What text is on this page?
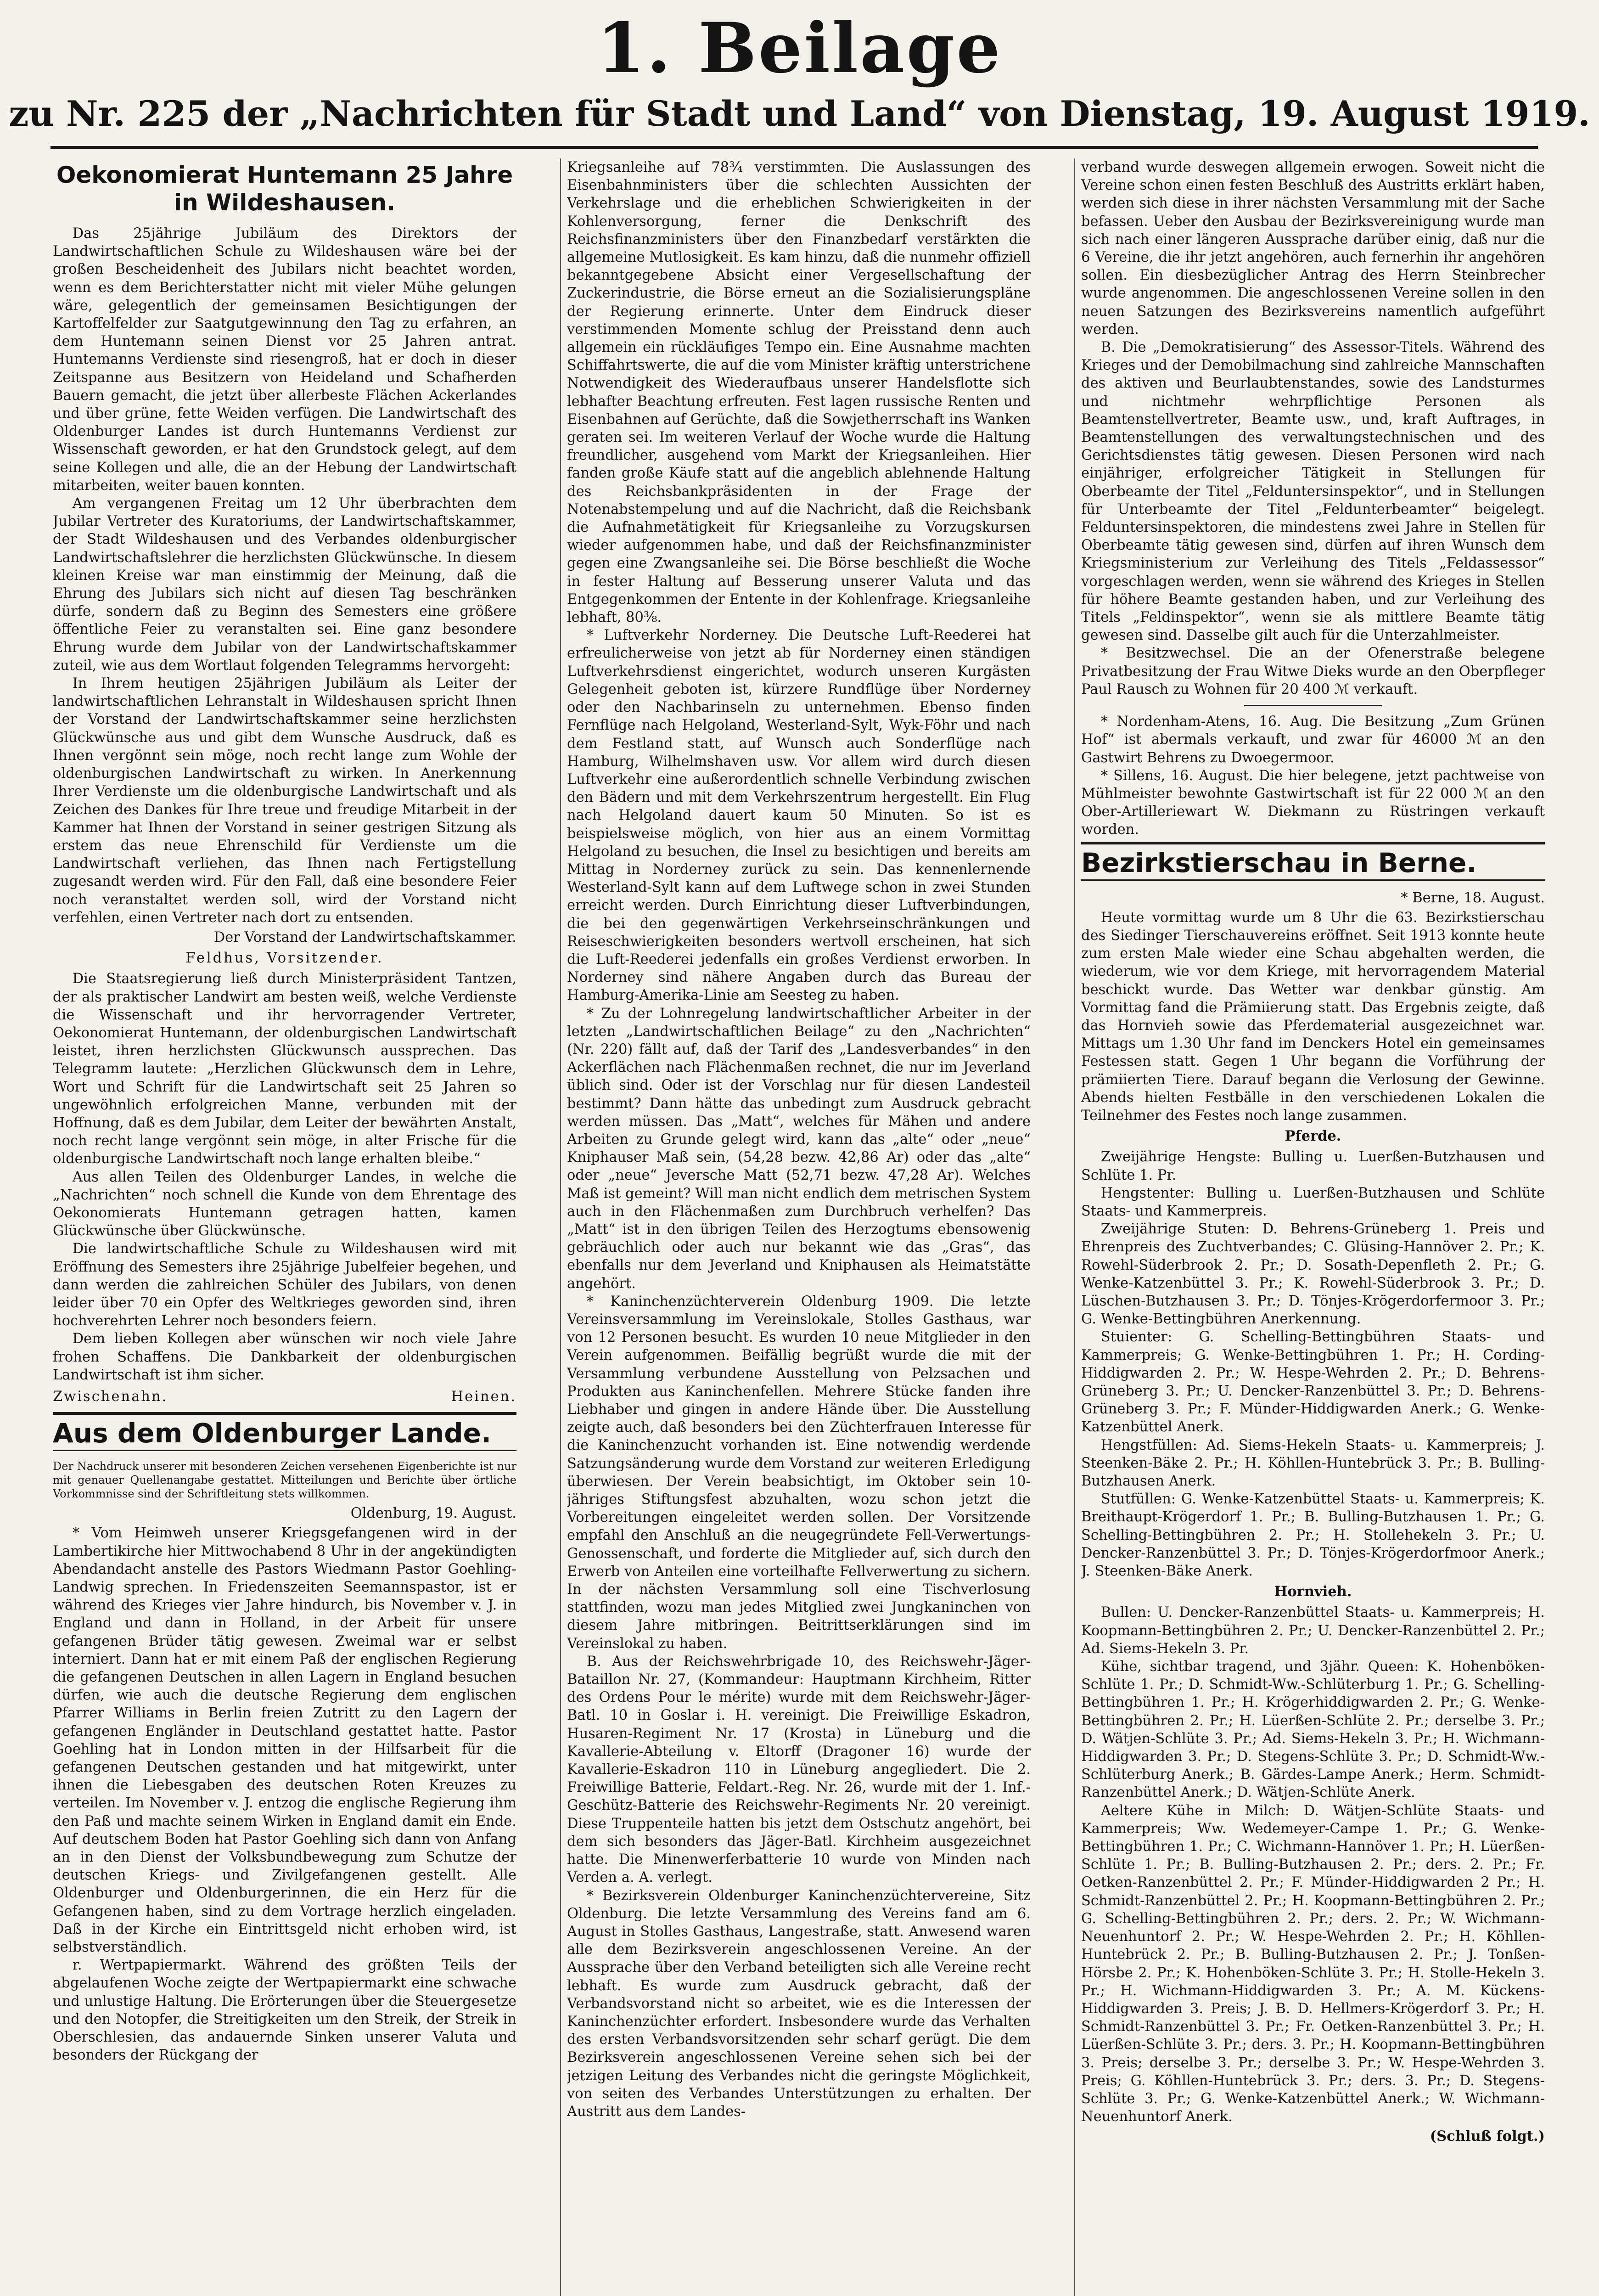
1. Beilage
zu Nr. 225 der „Nachrichten für Stadt und Land“ von Dienstag, 19. August 1919.
Oekonomierat Huntemann 25 Jahre in Wildeshausen.

Das 25jährige Jubiläum des Direktors der Landwirtschaftlichen Schule zu Wildeshausen wäre bei der großen Bescheidenheit des Jubilars nicht beachtet worden, wenn es dem Berichterstatter nicht mit vieler Mühe gelungen wäre, gelegentlich der gemeinsamen Besichtigungen der Kartoffelfelder zur Saatgutgewinnung den Tag zu erfahren, an dem Huntemann seinen Dienst vor 25 Jahren antrat. Huntemanns Verdienste sind riesengroß, hat er doch in dieser Zeitspanne aus Besitzern von Heideland und Schafherden Bauern gemacht, die jetzt über allerbeste Flächen Ackerlandes und über grüne, fette Weiden verfügen. Die Landwirtschaft des Oldenburger Landes ist durch Huntemanns Verdienst zur Wissenschaft geworden, er hat den Grundstock gelegt, auf dem seine Kollegen und alle, die an der Hebung der Landwirtschaft mitarbeiten, weiter bauen konnten.

Am vergangenen Freitag um 12 Uhr überbrachten dem Jubilar Vertreter des Kuratoriums, der Landwirtschaftskammer, der Stadt Wildeshausen und des Verbandes oldenburgischer Landwirtschaftslehrer die herzlichsten Glückwünsche. In diesem kleinen Kreise war man einstimmig der Meinung, daß die Ehrung des Jubilars sich nicht auf diesen Tag beschränken dürfe, sondern daß zu Beginn des Semesters eine größere öffentliche Feier zu veranstalten sei. Eine ganz besondere Ehrung wurde dem Jubilar von der Landwirtschaftskammer zuteil, wie aus dem Wortlaut folgenden Telegramms hervorgeht:

In Ihrem heutigen 25jährigen Jubiläum als Leiter der landwirtschaftlichen Lehranstalt in Wildeshausen spricht Ihnen der Vorstand der Landwirtschaftskammer seine herzlichsten Glückwünsche aus und gibt dem Wunsche Ausdruck, daß es Ihnen vergönnt sein möge, noch recht lange zum Wohle der oldenburgischen Landwirtschaft zu wirken. In Anerkennung Ihrer Verdienste um die oldenburgische Landwirtschaft und als Zeichen des Dankes für Ihre treue und freudige Mitarbeit in der Kammer hat Ihnen der Vorstand in seiner gestrigen Sitzung als erstem das neue Ehrenschild für Verdienste um die Landwirtschaft verliehen, das Ihnen nach Fertigstellung zugesandt werden wird. Für den Fall, daß eine besondere Feier noch veranstaltet werden soll, wird der Vorstand nicht verfehlen, einen Vertreter nach dort zu entsenden.

Der Vorstand der Landwirtschaftskammer.
Feldhus, Vorsitzender.

Die Staatsregierung ließ durch Ministerpräsident Tantzen, der als praktischer Landwirt am besten weiß, welche Verdienste die Wissenschaft und ihr hervorragender Vertreter, Oekonomierat Huntemann, der oldenburgischen Landwirtschaft leistet, ihren herzlichsten Glückwunsch aussprechen. Das Telegramm lautete: „Herzlichen Glückwunsch dem in Lehre, Wort und Schrift für die Landwirtschaft seit 25 Jahren so ungewöhnlich erfolgreichen Manne, verbunden mit der Hoffnung, daß es dem Jubilar, dem Leiter der bewährten Anstalt, noch recht lange vergönnt sein möge, in alter Frische für die oldenburgische Landwirtschaft noch lange erhalten bleibe.“

Aus allen Teilen des Oldenburger Landes, in welche die „Nachrichten“ noch schnell die Kunde von dem Ehrentage des Oekonomierats Huntemann getragen hatten, kamen Glückwünsche über Glückwünsche.

Die landwirtschaftliche Schule zu Wildeshausen wird mit Eröffnung des Semesters ihre 25jährige Jubelfeier begehen, und dann werden die zahlreichen Schüler des Jubilars, von denen leider über 70 ein Opfer des Weltkrieges geworden sind, ihren hochverehrten Lehrer noch besonders feiern.

Dem lieben Kollegen aber wünschen wir noch viele Jahre frohen Schaffens. Die Dankbarkeit der oldenburgischen Landwirtschaft ist ihm sicher.

Zwischenahn.	Heinen.
Aus dem Oldenburger Lande.
Der Nachdruck unserer mit besonderen Zeichen versehenen Eigenberichte ist nur mit genauer Quellenangabe gestattet. Mitteilungen und Berichte über örtliche Vorkommnisse sind der Schriftleitung stets willkommen.
Oldenburg, 19. August.

* Vom Heimweh unserer Kriegsgefangenen wird in der Lambertikirche hier Mittwochabend 8 Uhr in der angekündigten Abendandacht anstelle des Pastors Wiedmann Pastor Goehling-Landwig sprechen. In Friedenszeiten Seemannspastor, ist er während des Krieges vier Jahre hindurch, bis November v. J. in England und dann in Holland, in der Arbeit für unsere gefangenen Brüder tätig gewesen. Zweimal war er selbst interniert. Dann hat er mit einem Paß der englischen Regierung die gefangenen Deutschen in allen Lagern in England besuchen dürfen, wie auch die deutsche Regierung dem englischen Pfarrer Williams in Berlin freien Zutritt zu den Lagern der gefangenen Engländer in Deutschland gestattet hatte. Pastor Goehling hat in London mitten in der Hilfsarbeit für die gefangenen Deutschen gestanden und hat mitgewirkt, unter ihnen die Liebesgaben des deutschen Roten Kreuzes zu verteilen. Im November v. J. entzog die englische Regierung ihm den Paß und machte seinem Wirken in England damit ein Ende. Auf deutschem Boden hat Pastor Goehling sich dann von Anfang an in den Dienst der Volksbundbewegung zum Schutze der deutschen Kriegs- und Zivilgefangenen gestellt. Alle Oldenburger und Oldenburgerinnen, die ein Herz für die Gefangenen haben, sind zu dem Vortrage herzlich eingeladen. Daß in der Kirche ein Eintrittsgeld nicht erhoben wird, ist selbstverständlich.

r. Wertpapiermarkt. Während des größten Teils der abgelaufenen Woche zeigte der Wertpapiermarkt eine schwache und unlustige Haltung. Die Erörterungen über die Steuergesetze und den Notopfer, die Streitigkeiten um den Streik, der Streik in Oberschlesien, das andauernde Sinken unserer Valuta und besonders der Rückgang der

Kriegsanleihe auf 78¾ verstimmten. Die Auslassungen des Eisenbahnministers über die schlechten Aussichten der Verkehrslage und die erheblichen Schwierigkeiten in der Kohlenversorgung, ferner die Denkschrift des Reichsfinanzministers über den Finanzbedarf verstärkten die allgemeine Mutlosigkeit. Es kam hinzu, daß die nunmehr offiziell bekanntgegebene Absicht einer Vergesellschaftung der Zuckerindustrie, die Börse erneut an die Sozialisierungspläne der Regierung erinnerte. Unter dem Eindruck dieser verstimmenden Momente schlug der Preisstand denn auch allgemein ein rückläufiges Tempo ein. Eine Ausnahme machten Schiffahrtswerte, die auf die vom Minister kräftig unterstrichene Notwendigkeit des Wiederaufbaus unserer Handelsflotte sich lebhafter Beachtung erfreuten. Fest lagen russische Renten und Eisenbahnen auf Gerüchte, daß die Sowjetherrschaft ins Wanken geraten sei. Im weiteren Verlauf der Woche wurde die Haltung freundlicher, ausgehend vom Markt der Kriegsanleihen. Hier fanden große Käufe statt auf die angeblich ablehnende Haltung des Reichsbankpräsidenten in der Frage der Notenabstempelung und auf die Nachricht, daß die Reichsbank die Aufnahmetätigkeit für Kriegsanleihe zu Vorzugskursen wieder aufgenommen habe, und daß der Reichsfinanzminister gegen eine Zwangsanleihe sei. Die Börse beschließt die Woche in fester Haltung auf Besserung unserer Valuta und das Entgegenkommen der Entente in der Kohlenfrage. Kriegsanleihe lebhaft, 80⅜.

* Luftverkehr Norderney. Die Deutsche Luft-Reederei hat erfreulicherweise von jetzt ab für Norderney einen ständigen Luftverkehrsdienst eingerichtet, wodurch unseren Kurgästen Gelegenheit geboten ist, kürzere Rundflüge über Norderney oder den Nachbarinseln zu unternehmen. Ebenso finden Fernflüge nach Helgoland, Westerland-Sylt, Wyk-Föhr und nach dem Festland statt, auf Wunsch auch Sonderflüge nach Hamburg, Wilhelmshaven usw. Vor allem wird durch diesen Luftverkehr eine außerordentlich schnelle Verbindung zwischen den Bädern und mit dem Verkehrszentrum hergestellt. Ein Flug nach Helgoland dauert kaum 50 Minuten. So ist es beispielsweise möglich, von hier aus an einem Vormittag Helgoland zu besuchen, die Insel zu besichtigen und bereits am Mittag in Norderney zurück zu sein. Das kennenlernende Westerland-Sylt kann auf dem Luftwege schon in zwei Stunden erreicht werden. Durch Einrichtung dieser Luftverbindungen, die bei den gegenwärtigen Verkehrseinschränkungen und Reiseschwierigkeiten besonders wertvoll erscheinen, hat sich die Luft-Reederei jedenfalls ein großes Verdienst erworben. In Norderney sind nähere Angaben durch das Bureau der Hamburg-Amerika-Linie am Seesteg zu haben.

* Zu der Lohnregelung landwirtschaftlicher Arbeiter in der letzten „Landwirtschaftlichen Beilage“ zu den „Nachrichten“ (Nr. 220) fällt auf, daß der Tarif des „Landesverbandes“ in den Ackerflächen nach Flächenmaßen rechnet, die nur im Jeverland üblich sind. Oder ist der Vorschlag nur für diesen Landesteil bestimmt? Dann hätte das unbedingt zum Ausdruck gebracht werden müssen. Das „Matt“, welches für Mähen und andere Arbeiten zu Grunde gelegt wird, kann das „alte“ oder „neue“ Kniphauser Maß sein, (54,28 bezw. 42,86 Ar) oder das „alte“ oder „neue“ Jeversche Matt (52,71 bezw. 47,28 Ar). Welches Maß ist gemeint? Will man nicht endlich dem metrischen System auch in den Flächenmaßen zum Durchbruch verhelfen? Das „Matt“ ist in den übrigen Teilen des Herzogtums ebensowenig gebräuchlich oder auch nur bekannt wie das „Gras“, das ebenfalls nur dem Jeverland und Kniphausen als Heimatstätte angehört.

* Kaninchenzüchterverein Oldenburg 1909. Die letzte Vereinsversammlung im Vereinslokale, Stolles Gasthaus, war von 12 Personen besucht. Es wurden 10 neue Mitglieder in den Verein aufgenommen. Beifällig begrüßt wurde die mit der Versammlung verbundene Ausstellung von Pelzsachen und Produkten aus Kaninchenfellen. Mehrere Stücke fanden ihre Liebhaber und gingen in andere Hände über. Die Ausstellung zeigte auch, daß besonders bei den Züchterfrauen Interesse für die Kaninchenzucht vorhanden ist. Eine notwendig werdende Satzungsänderung wurde dem Vorstand zur weiteren Erledigung überwiesen. Der Verein beabsichtigt, im Oktober sein 10-jähriges Stiftungsfest abzuhalten, wozu schon jetzt die Vorbereitungen eingeleitet werden sollen. Der Vorsitzende empfahl den Anschluß an die neugegründete Fell-Verwertungs-Genossenschaft, und forderte die Mitglieder auf, sich durch den Erwerb von Anteilen eine vorteilhafte Fellverwertung zu sichern. In der nächsten Versammlung soll eine Tischverlosung stattfinden, wozu man jedes Mitglied zwei Jungkaninchen von diesem Jahre mitbringen. Beitrittserklärungen sind im Vereinslokal zu haben.

B. Aus der Reichswehrbrigade 10, des Reichswehr-Jäger-Bataillon Nr. 27, (Kommandeur: Hauptmann Kirchheim, Ritter des Ordens Pour le mérite) wurde mit dem Reichswehr-Jäger-Batl. 10 in Goslar i. H. vereinigt. Die Freiwillige Eskadron, Husaren-Regiment Nr. 17 (Krosta) in Lüneburg und die Kavallerie-Abteilung v. Eltorff (Dragoner 16) wurde der Kavallerie-Eskadron 110 in Lüneburg angegliedert. Die 2. Freiwillige Batterie, Feldart.-Reg. Nr. 26, wurde mit der 1. Inf.-Geschütz-Batterie des Reichswehr-Regiments Nr. 20 vereinigt. Diese Truppenteile hatten bis jetzt dem Ostschutz angehört, bei dem sich besonders das Jäger-Batl. Kirchheim ausgezeichnet hatte. Die Minenwerferbatterie 10 wurde von Minden nach Verden a. A. verlegt.

* Bezirksverein Oldenburger Kaninchenzüchtervereine, Sitz Oldenburg. Die letzte Versammlung des Vereins fand am 6. August in Stolles Gasthaus, Langestraße, statt. Anwesend waren alle dem Bezirksverein angeschlossenen Vereine. An der Aussprache über den Verband beteiligten sich alle Vereine recht lebhaft. Es wurde zum Ausdruck gebracht, daß der Verbandsvorstand nicht so arbeitet, wie es die Interessen der Kaninchenzüchter erfordert. Insbesondere wurde das Verhalten des ersten Verbandsvorsitzenden sehr scharf gerügt. Die dem Bezirksverein angeschlossenen Vereine sehen sich bei der jetzigen Leitung des Verbandes nicht die geringste Möglichkeit, von seiten des Verbandes Unterstützungen zu erhalten. Der Austritt aus dem Landes-

verband wurde deswegen allgemein erwogen. Soweit nicht die Vereine schon einen festen Beschluß des Austritts erklärt haben, werden sich diese in ihrer nächsten Versammlung mit der Sache befassen. Ueber den Ausbau der Bezirksvereinigung wurde man sich nach einer längeren Aussprache darüber einig, daß nur die 6 Vereine, die ihr jetzt angehören, auch fernerhin ihr angehören sollen. Ein diesbezüglicher Antrag des Herrn Steinbrecher wurde angenommen. Die angeschlossenen Vereine sollen in den neuen Satzungen des Bezirksvereins namentlich aufgeführt werden.

B. Die „Demokratisierung“ des Assessor-Titels. Während des Krieges und der Demobilmachung sind zahlreiche Mannschaften des aktiven und Beurlaubtenstandes, sowie des Landsturmes und nichtmehr wehrpflichtige Personen als Beamtenstellvertreter, Beamte usw., und, kraft Auftrages, in Beamtenstellungen des verwaltungstechnischen und des Gerichtsdienstes tätig gewesen. Diesen Personen wird nach einjähriger, erfolgreicher Tätigkeit in Stellungen für Oberbeamte der Titel „Felduntersinspektor“, und in Stellungen für Unterbeamte der Titel „Feldunterbeamter“ beigelegt. Felduntersinspektoren, die mindestens zwei Jahre in Stellen für Oberbeamte tätig gewesen sind, dürfen auf ihren Wunsch dem Kriegsministerium zur Verleihung des Titels „Feldassessor“ vorgeschlagen werden, wenn sie während des Krieges in Stellen für höhere Beamte gestanden haben, und zur Verleihung des Titels „Feldinspektor“, wenn sie als mittlere Beamte tätig gewesen sind. Dasselbe gilt auch für die Unterzahlmeister.

* Besitzwechsel. Die an der Ofenerstraße belegene Privatbesitzung der Frau Witwe Dieks wurde an den Oberpfleger Paul Rausch zu Wohnen für 20 400 ℳ verkauft.

* Nordenham-Atens, 16. Aug. Die Besitzung „Zum Grünen Hof“ ist abermals verkauft, und zwar für 46000 ℳ an den Gastwirt Behrens zu Dwoegermoor.

* Sillens, 16. August. Die hier belegene, jetzt pachtweise von Mühlmeister bewohnte Gastwirtschaft ist für 22 000 ℳ an den Ober-Artilleriewart W. Diekmann zu Rüstringen verkauft worden.

Bezirkstierschau in Berne.
* Berne, 18. August.

Heute vormittag wurde um 8 Uhr die 63. Bezirkstierschau des Siedinger Tierschauvereins eröffnet. Seit 1913 konnte heute zum ersten Male wieder eine Schau abgehalten werden, die wiederum, wie vor dem Kriege, mit hervorragendem Material beschickt wurde. Das Wetter war denkbar günstig. Am Vormittag fand die Prämiierung statt. Das Ergebnis zeigte, daß das Hornvieh sowie das Pferdematerial ausgezeichnet war. Mittags um 1.30 Uhr fand im Denckers Hotel ein gemeinsames Festessen statt. Gegen 1 Uhr begann die Vorführung der prämiierten Tiere. Darauf begann die Verlosung der Gewinne. Abends hielten Festbälle in den verschiedenen Lokalen die Teilnehmer des Festes noch lange zusammen.

Pferde.

Zweijährige Hengste: Bulling u. Luerßen-Butzhausen und Schlüte 1. Pr.

Hengstenter: Bulling u. Luerßen-Butzhausen und Schlüte Staats- und Kammerpreis.

Zweijährige Stuten: D. Behrens-Grüneberg 1. Preis und Ehrenpreis des Zuchtverbandes; C. Glüsing-Hannöver 2. Pr.; K. Rowehl-Süderbrook 2. Pr.; D. Sosath-Depenfleth 2. Pr.; G. Wenke-Katzenbüttel 3. Pr.; K. Rowehl-Süderbrook 3. Pr.; D. Lüschen-Butzhausen 3. Pr.; D. Tönjes-Krögerdorfermoor 3. Pr.; G. Wenke-Bettingbühren Anerkennung.

Stuienter: G. Schelling-Bettingbühren Staats- und Kammerpreis; G. Wenke-Bettingbühren 1. Pr.; H. Cording-Hiddigwarden 2. Pr.; W. Hespe-Wehrden 2. Pr.; D. Behrens-Grüneberg 3. Pr.; U. Dencker-Ranzenbüttel 3. Pr.; D. Behrens-Grüneberg 3. Pr.; F. Münder-Hiddigwarden Anerk.; G. Wenke-Katzenbüttel Anerk.

Hengstfüllen: Ad. Siems-Hekeln Staats- u. Kammerpreis; J. Steenken-Bäke 2. Pr.; H. Köhllen-Huntebrück 3. Pr.; B. Bulling-Butzhausen Anerk.

Stutfüllen: G. Wenke-Katzenbüttel Staats- u. Kammerpreis; K. Breithaupt-Krögerdorf 1. Pr.; B. Bulling-Butzhausen 1. Pr.; G. Schelling-Bettingbühren 2. Pr.; H. Stollehekeln 3. Pr.; U. Dencker-Ranzenbüttel 3. Pr.; D. Tönjes-Krögerdorfmoor Anerk.; J. Steenken-Bäke Anerk.

Hornvieh.

Bullen: U. Dencker-Ranzenbüttel Staats- u. Kammerpreis; H. Koopmann-Bettingbühren 2. Pr.; U. Dencker-Ranzenbüttel 2. Pr.; Ad. Siems-Hekeln 3. Pr.

Kühe, sichtbar tragend, und 3jähr. Queen: K. Hohenböken-Schlüte 1. Pr.; D. Schmidt-Ww.-Schlüterburg 1. Pr.; G. Schelling-Bettingbühren 1. Pr.; H. Krögerhiddigwarden 2. Pr.; G. Wenke-Bettingbühren 2. Pr.; H. Lüerßen-Schlüte 2. Pr.; derselbe 3. Pr.; D. Wätjen-Schlüte 3. Pr.; Ad. Siems-Hekeln 3. Pr.; H. Wichmann-Hiddigwarden 3. Pr.; D. Stegens-Schlüte 3. Pr.; D. Schmidt-Ww.-Schlüterburg Anerk.; B. Gärdes-Lampe Anerk.; Herm. Schmidt-Ranzenbüttel Anerk.; D. Wätjen-Schlüte Anerk.

Aeltere Kühe in Milch: D. Wätjen-Schlüte Staats- und Kammerpreis; Ww. Wedemeyer-Campe 1. Pr.; G. Wenke-Bettingbühren 1. Pr.; C. Wichmann-Hannöver 1. Pr.; H. Lüerßen-Schlüte 1. Pr.; B. Bulling-Butzhausen 2. Pr.; ders. 2. Pr.; Fr. Oetken-Ranzenbüttel 2. Pr.; F. Münder-Hiddigwarden 2 Pr.; H. Schmidt-Ranzenbüttel 2. Pr.; H. Koopmann-Bettingbühren 2. Pr.; G. Schelling-Bettingbühren 2. Pr.; ders. 2. Pr.; W. Wichmann-Neuenhuntorf 2. Pr.; W. Hespe-Wehrden 2. Pr.; H. Köhllen-Huntebrück 2. Pr.; B. Bulling-Butzhausen 2. Pr.; J. Tonßen-Hörsbe 2. Pr.; K. Hohenböken-Schlüte 3. Pr.; H. Stolle-Hekeln 3. Pr.; H. Wichmann-Hiddigwarden 3. Pr.; A. M. Kückens-Hiddigwarden 3. Preis; J. B. D. Hellmers-Krögerdorf 3. Pr.; H. Schmidt-Ranzenbüttel 3. Pr.; Fr. Oetken-Ranzenbüttel 3. Pr.; H. Lüerßen-Schlüte 3. Pr.; ders. 3. Pr.; H. Koopmann-Bettingbühren 3. Preis; derselbe 3. Pr.; derselbe 3. Pr.; W. Hespe-Wehrden 3. Preis; G. Köhllen-Huntebrück 3. Pr.; ders. 3. Pr.; D. Stegens-Schlüte 3. Pr.; G. Wenke-Katzenbüttel Anerk.; W. Wichmann-Neuenhuntorf Anerk.

(Schluß folgt.)
